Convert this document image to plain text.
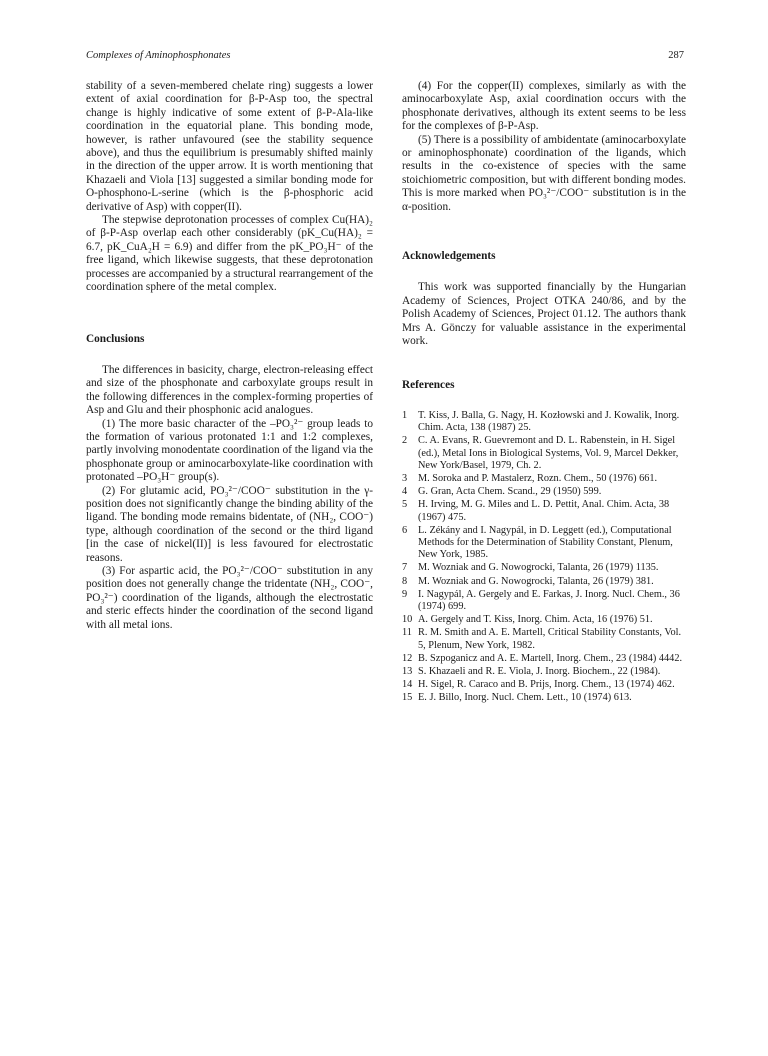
Complexes of Aminophosphonates	287

stability of a seven-membered chelate ring) suggests a lower extent of axial coordination for β-P-Asp too, the spectral change is highly indicative of some extent of β-P-Ala-like coordination in the equatorial plane. This bonding mode, however, is rather unfavoured (see the stability sequence above), and thus the equilibrium is presumably shifted mainly in the direction of the upper arrow. It is worth mentioning that Khazaeli and Viola [13] suggested a similar bonding mode for O-phosphono-L-serine (which is the β-phosphoric acid derivative of Asp) with copper(II).

The stepwise deprotonation processes of complex Cu(HA)₂ of β-P-Asp overlap each other considerably (pK_Cu(HA)₂ = 6.7, pK_CuA₂H = 6.9) and differ from the pK_PO₃H⁻ of the free ligand, which likewise suggests, that these deprotonation processes are accompanied by a structural rearrangement of the coordination sphere of the metal complex.

Conclusions

The differences in basicity, charge, electron-releasing effect and size of the phosphonate and carboxylate groups result in the following differences in the complex-forming properties of Asp and Glu and their phosphonic acid analogues.

(1) The more basic character of the –PO₃²⁻ group leads to the formation of various protonated 1:1 and 1:2 complexes, partly involving monodentate coordination of the ligand via the phosphonate group or aminocarboxylate-like coordination with protonated –PO₃H⁻ group(s).

(2) For glutamic acid, PO₃²⁻/COO⁻ substitution in the γ-position does not significantly change the binding ability of the ligand. The bonding mode remains bidentate, of (NH₂, COO⁻) type, although coordination of the second or the third ligand [in the case of nickel(II)] is less favoured for electrostatic reasons.

(3) For aspartic acid, the PO₃²⁻/COO⁻ substitution in any position does not generally change the tridentate (NH₂, COO⁻, PO₃²⁻) coordination of the ligands, although the electrostatic and steric effects hinder the coordination of the second ligand with all metal ions.

(4) For the copper(II) complexes, similarly as with the aminocarboxylate Asp, axial coordination occurs with the phosphonate derivatives, although its extent seems to be less for the complexes of β-P-Asp.

(5) There is a possibility of ambidentate (aminocarboxylate or aminophosphonate) coordination of the ligands, which results in the co-existence of species with the same stoichiometric composition, but with different bonding modes. This is more marked when PO₃²⁻/COO⁻ substitution is in the α-position.

Acknowledgements

This work was supported financially by the Hungarian Academy of Sciences, Project OTKA 240/86, and by the Polish Academy of Sciences, Project 01.12. The authors thank Mrs A. Gönczy for valuable assistance in the experimental work.

References
1	T. Kiss, J. Balla, G. Nagy, H. Kozłowski and J. Kowalik, Inorg. Chim. Acta, 138 (1987) 25.
2	C. A. Evans, R. Guevremont and D. L. Rabenstein, in H. Sigel (ed.), Metal Ions in Biological Systems, Vol. 9, Marcel Dekker, New York/Basel, 1979, Ch. 2.
3	M. Soroka and P. Mastalerz, Rozn. Chem., 50 (1976) 661.
4	G. Gran, Acta Chem. Scand., 29 (1950) 599.
5	H. Irving, M. G. Miles and L. D. Pettit, Anal. Chim. Acta, 38 (1967) 475.
6	L. Zékány and I. Nagypál, in D. Leggett (ed.), Computational Methods for the Determination of Stability Constant, Plenum, New York, 1985.
7	M. Wozniak and G. Nowogrocki, Talanta, 26 (1979) 1135.
8	M. Wozniak and G. Nowogrocki, Talanta, 26 (1979) 381.
9	I. Nagypál, A. Gergely and E. Farkas, J. Inorg. Nucl. Chem., 36 (1974) 699.
10 A. Gergely and T. Kiss, Inorg. Chim. Acta, 16 (1976) 51.
11 R. M. Smith and A. E. Martell, Critical Stability Constants, Vol. 5, Plenum, New York, 1982.
12 B. Szpoganicz and A. E. Martell, Inorg. Chem., 23 (1984) 4442.
13 S. Khazaeli and R. E. Viola, J. Inorg. Biochem., 22 (1984).
14 H. Sigel, R. Caraco and B. Prijs, Inorg. Chem., 13 (1974) 462.
15 E. J. Billo, Inorg. Nucl. Chem. Lett., 10 (1974) 613.
